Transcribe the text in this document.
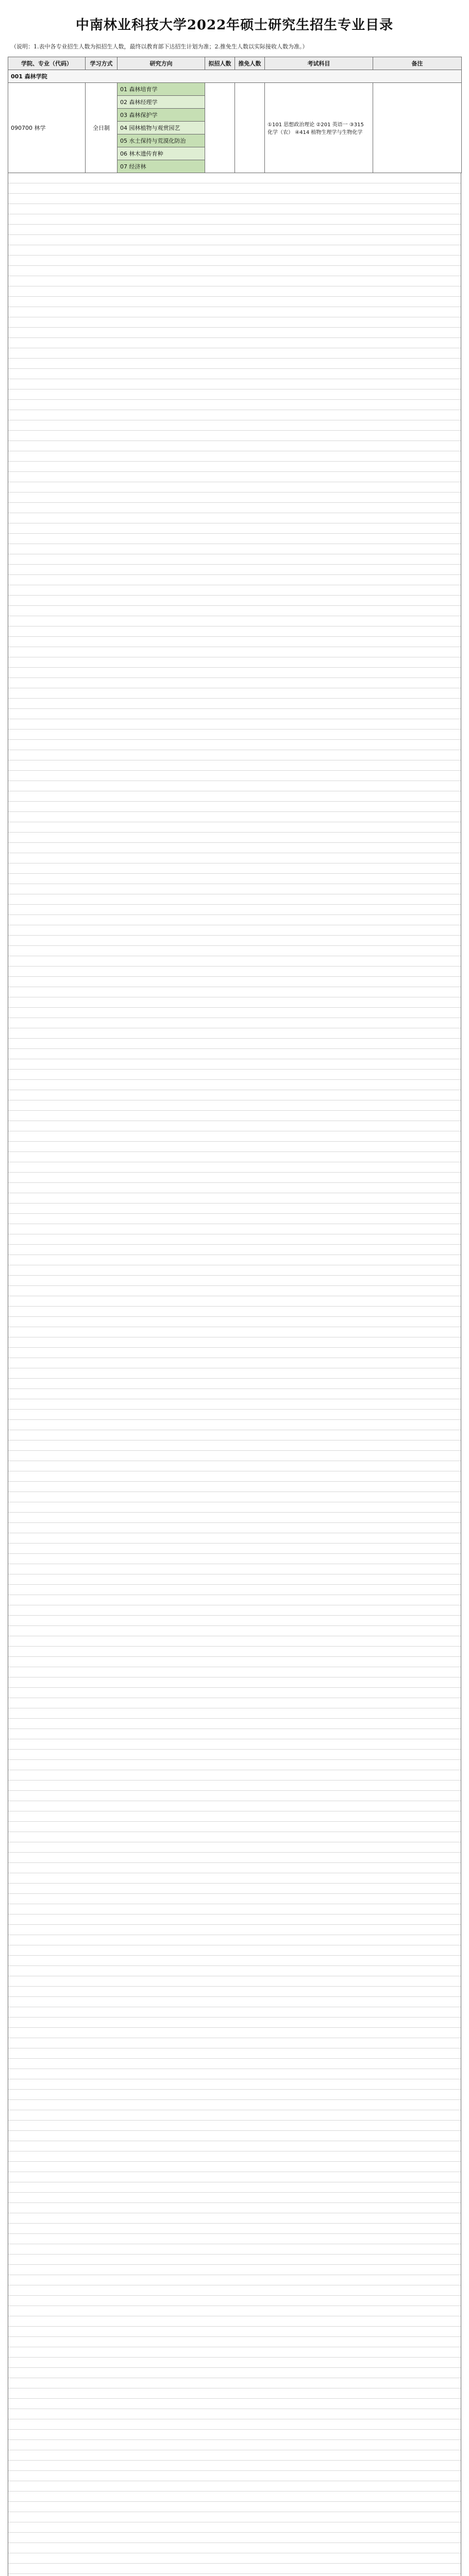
中南林业科技大学2022年硕士研究生招生专业目录
（说明：1.表中各专业招生人数为拟招生人数，最终以教育部下达招生计划为准；2.推免生人数以实际接收人数为准。）
学院、专业（代码）	学习方式	研究方向	拟招人数	推免人数	考试科目	备注
001 森林学院						
090700 林学	全日制	01 森林培育学			①101 思想政治理论 ②201 英语一 ③315 化学（农） ④414 植物生理学与生物化学	
		02 森林经理学				
		03 森林保护学				
		04 园林植物与观赏园艺				
		05 水土保持与荒漠化防治				
		06 林木遗传育种				
		07 经济林				
